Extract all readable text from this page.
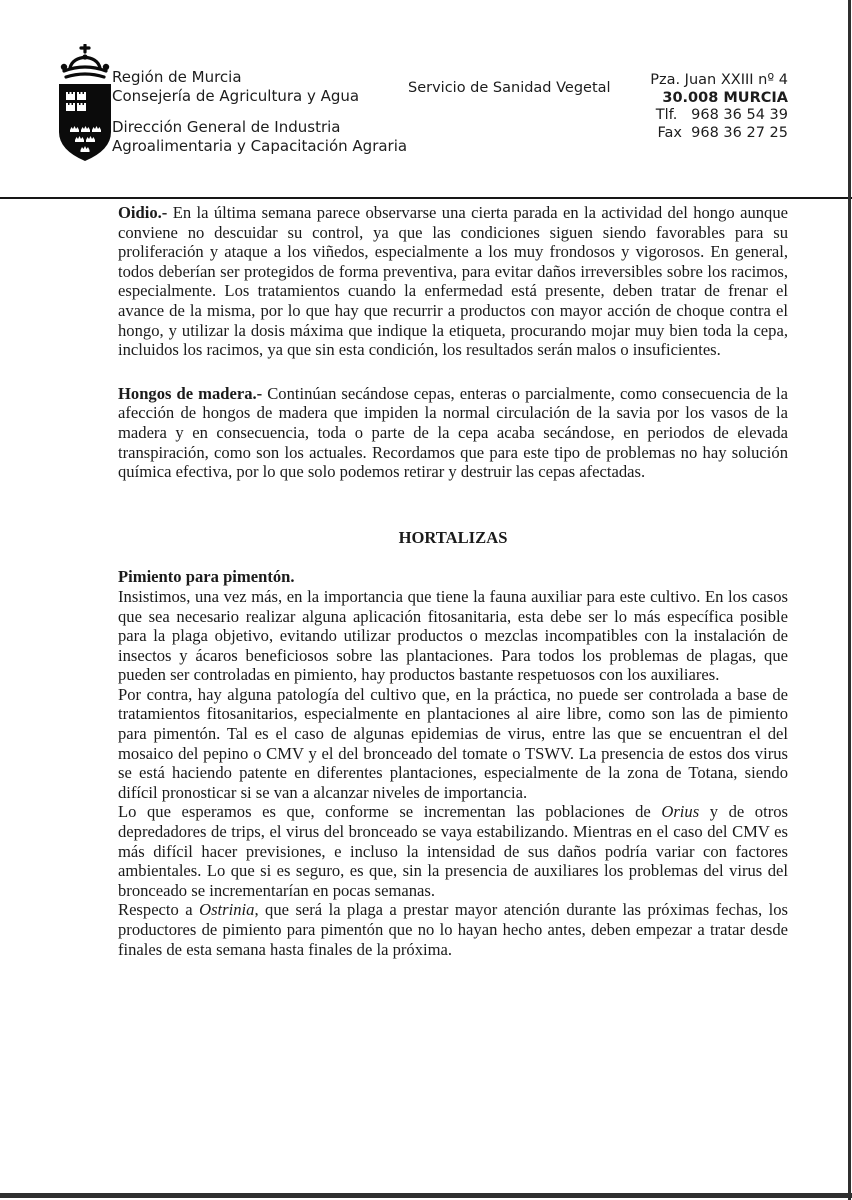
Región de Murcia
Consejería de Agricultura y Agua
Dirección General de Industria
Agroalimentaria y Capacitación Agraria
Servicio de Sanidad Vegetal	Pza. Juan XXIII nº 4
30.008 MURCIA
Tlf.   968 36 54 39
Fax  968 36 27 25

Oidio.- En la última semana parece observarse una cierta parada en la actividad del hongo aunque conviene no descuidar su control, ya que las condiciones siguen siendo favorables para su proliferación y ataque a los viñedos, especialmente a los muy frondosos y vigorosos. En general, todos deberían ser protegidos de forma preventiva, para evitar daños irreversibles sobre los racimos, especialmente. Los tratamientos cuando la enfermedad está presente, deben tratar de frenar el avance de la misma, por lo que hay que recurrir a productos con mayor acción de choque contra el hongo, y utilizar la dosis máxima que indique la etiqueta, procurando mojar muy bien toda la cepa, incluidos los racimos, ya que sin esta condición, los resultados serán malos o insuficientes.

Hongos de madera.- Continúan secándose cepas, enteras o parcialmente, como consecuencia de la afección de hongos de madera que impiden la normal circulación de la savia por los vasos de la madera y en consecuencia, toda o parte de la cepa acaba secándose, en periodos de elevada transpiración, como son los actuales. Recordamos que para este tipo de problemas no hay solución química efectiva, por lo que solo podemos retirar y destruir las cepas afectadas.

HORTALIZAS
Pimiento para pimentón.

Insistimos, una vez más, en la importancia que tiene la fauna auxiliar para este cultivo. En los casos que sea necesario realizar alguna aplicación fitosanitaria, esta debe ser lo más específica posible para la plaga objetivo, evitando utilizar productos o mezclas incompatibles con la instalación de insectos y ácaros beneficiosos sobre las plantaciones. Para todos los problemas de plagas, que pueden ser controladas en pimiento, hay productos bastante respetuosos con los auxiliares.

Por contra, hay alguna patología del cultivo que, en la práctica, no puede ser controlada a base de tratamientos fitosanitarios, especialmente en plantaciones al aire libre, como son las de pimiento para pimentón. Tal es el caso de algunas epidemias de virus, entre las que se encuentran el del mosaico del pepino o CMV y el del bronceado del tomate o TSWV. La presencia de estos dos virus se está haciendo patente en diferentes plantaciones, especialmente de la zona de Totana, siendo difícil pronosticar si se van a alcanzar niveles de importancia.

Lo que esperamos es que, conforme se incrementan las poblaciones de Orius y de otros depredadores de trips, el virus del bronceado se vaya estabilizando. Mientras en el caso del CMV es más difícil hacer previsiones, e incluso la intensidad de sus daños podría variar con factores ambientales. Lo que si es seguro, es que, sin la presencia de auxiliares los problemas del virus del bronceado se incrementarían en pocas semanas.

Respecto a Ostrinia, que será la plaga a prestar mayor atención durante las próximas fechas, los productores de pimiento para pimentón que no lo hayan hecho antes, deben empezar a tratar desde finales de esta semana hasta finales de la próxima.
